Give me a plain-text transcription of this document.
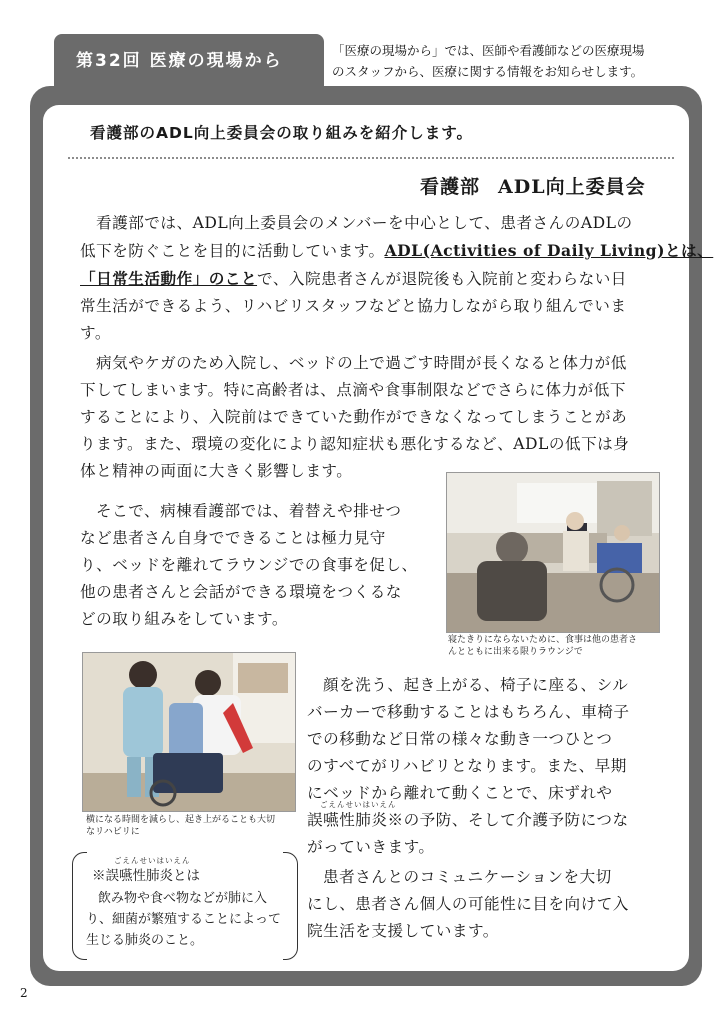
第32回 医療の現場から
「医療の現場から」では、医師や看護師などの医療現場
のスタッフから、医療に関する情報をお知らせします。
看護部のADL向上委員会の取り組みを紹介します。
看護部 ADL向上委員会
看護部では、ADL向上委員会のメンバーを中心として、患者さんのADLの
低下を防ぐことを目的に活動しています。ADL(Activities of Daily Living)とは、
「日常生活動作」のことで、入院患者さんが退院後も入院前と変わらない日
常生活ができるよう、リハビリスタッフなどと協力しながら取り組んでいま
す。
病気やケガのため入院し、ベッドの上で過ごす時間が長くなると体力が低
下してしまいます。特に高齢者は、点滴や食事制限などでさらに体力が低下
することにより、入院前はできていた動作ができなくなってしまうことがあ
ります。また、環境の変化により認知症状も悪化するなど、ADLの低下は身
体と精神の両面に大きく影響します。
そこで、病棟看護部では、着替えや排せつ
など患者さん自身でできることは極力見守
り、ベッドを離れてラウンジでの食事を促し、
他の患者さんと会話ができる環境をつくるな
どの取り組みをしています。
寝たきりにならないために、食事は他の患者さ
んとともに出来る限りラウンジで
横になる時間を減らし、起き上がることも大切
なリハビリに
顔を洗う、起き上がる、椅子に座る、シル
バーカーで移動することはもちろん、車椅子
での移動など日常の様々な動き一つひとつ
のすべてがリハビリとなります。また、早期
にベッドから離れて動くことで、床ずれや
誤嚥性肺炎※の予防、そして介護予防につな
がっていきます。
ごえんせいはいえん
患者さんとのコミュニケーションを大切
にし、患者さん個人の可能性に目を向けて入
院生活を支援しています。
ごえんせいはいえん
※誤嚥性肺炎とは
飲み物や食べ物などが肺に入
り、細菌が繁殖することによって
生じる肺炎のこと。
2
